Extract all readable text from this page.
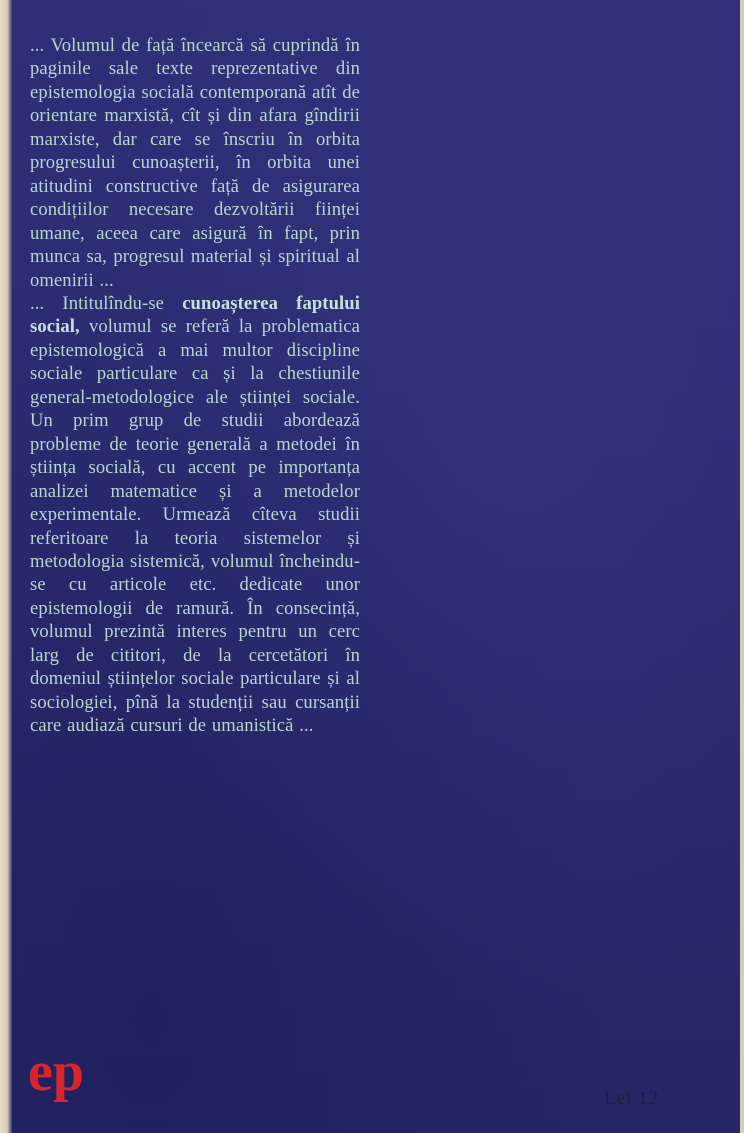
... Volumul de față încearcă să cuprindă în paginile sale texte reprezentative din epistemologia socială contemporană atît de orientare marxistă, cît și din afara gîndirii marxiste, dar care se înscriu în orbita progresului cunoașterii, în orbita unei atitudini constructive față de asigurarea condițiilor necesare dezvoltării ființei umane, aceea care asigură în fapt, prin munca sa, progresul material și spiritual al omenirii ...

... Intitulîndu-se cunoașterea faptului social, volumul se referă la problematica epistemologică a mai multor discipline sociale particulare ca și la chestiunile general-metodologice ale științei sociale. Un prim grup de studii abordează probleme de teorie generală a metodei în știința socială, cu accent pe importanța analizei matematice și a metodelor experimentale. Urmează cîteva studii referitoare la teoria sistemelor și metodologia sistemică, volumul încheindu-se cu articole etc. dedicate unor epistemologii de ramură. În consecință, volumul prezintă interes pentru un cerc larg de cititori, de la cercetători în domeniul științelor sociale particulare și al sociologiei, pînă la studenții sau cursanții care audiază cursuri de umanistică ...

ep	Lei 12
